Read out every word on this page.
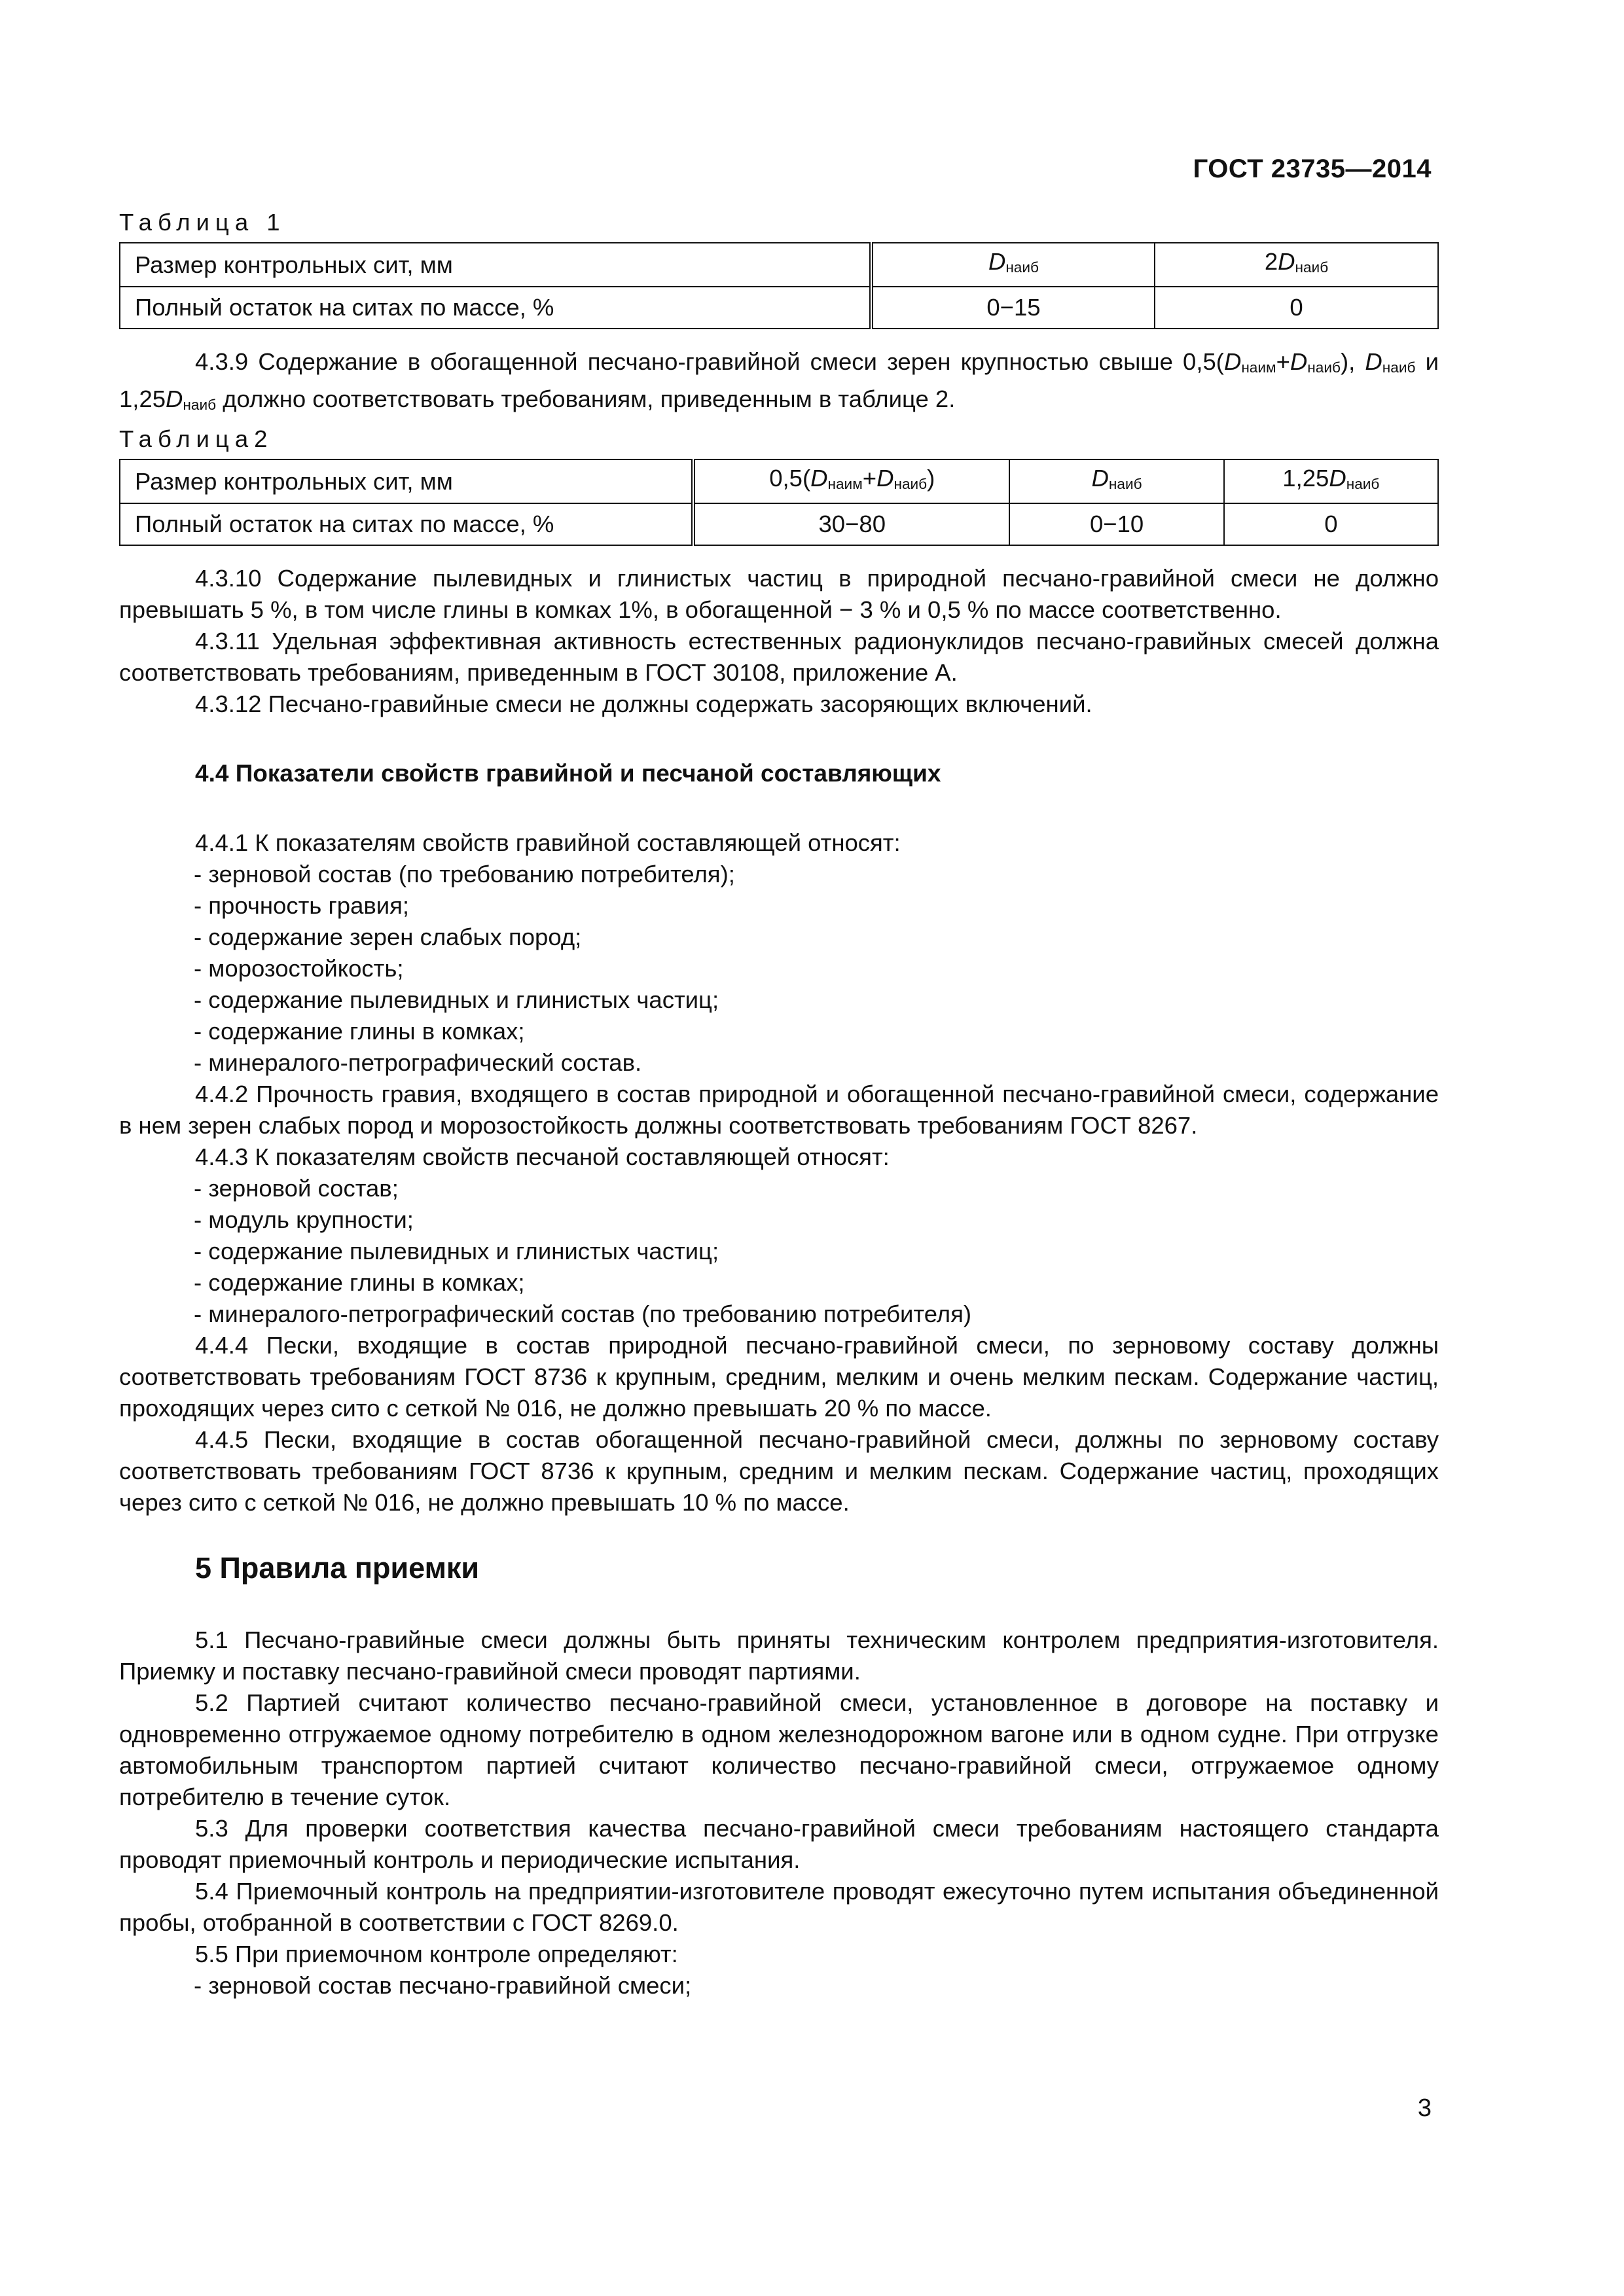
ГОСТ 23735—2014

Таблица 1

Размер контрольных сит, мм	Dнаиб	2Dнаиб
Полный остаток на ситах по массе, %	0−15	0

4.3.9 Содержание в обогащенной песчано-гравийной смеси зерен крупностью свыше 0,5(Dнаим+Dнаиб), Dнаиб и 1,25Dнаиб должно соответствовать требованиям, приведенным в таблице 2.

Таблица2

Размер контрольных сит, мм	0,5(Dнаим+Dнаиб)	Dнаиб	1,25Dнаиб
Полный остаток на ситах по массе, %	30−80	0−10	0

4.3.10 Содержание пылевидных и глинистых частиц в природной песчано-гравийной смеси не должно превышать 5 %, в том числе глины в комках 1%, в обогащенной − 3 % и 0,5 % по массе соответственно.

4.3.11 Удельная эффективная активность естественных радионуклидов песчано-гравийных смесей должна соответствовать требованиям, приведенным в ГОСТ 30108, приложение А.

4.3.12 Песчано-гравийные смеси не должны содержать засоряющих включений.

4.4 Показатели свойств гравийной и песчаной составляющих

4.4.1 К показателям свойств гравийной составляющей относят:

- зерновой состав (по требованию потребителя);

- прочность гравия;

- содержание зерен слабых пород;

- морозостойкость;

- содержание пылевидных и глинистых частиц;

- содержание глины в комках;

- минералого-петрографический состав.

4.4.2 Прочность гравия, входящего в состав природной и обогащенной песчано-гравийной смеси, содержание в нем зерен слабых пород и морозостойкость должны соответствовать требованиям ГОСТ 8267.

4.4.3 К показателям свойств песчаной составляющей относят:

- зерновой состав;

- модуль крупности;

- содержание пылевидных и глинистых частиц;

- содержание глины в комках;

- минералого-петрографический состав (по требованию потребителя)

4.4.4 Пески, входящие в состав природной песчано-гравийной смеси, по зерновому составу должны соответствовать требованиям ГОСТ 8736 к крупным, средним, мелким и очень мелким пескам. Содержание частиц, проходящих через сито с сеткой № 016, не должно превышать 20 % по массе.

4.4.5 Пески, входящие в состав обогащенной песчано-гравийной смеси, должны по зерновому составу соответствовать требованиям ГОСТ 8736 к крупным, средним и мелким пескам. Содержание частиц, проходящих через сито с сеткой № 016, не должно превышать 10 % по массе.

5 Правила приемки

5.1 Песчано-гравийные смеси должны быть приняты техническим контролем предприятия-изготовителя. Приемку и поставку песчано-гравийной смеси проводят партиями.

5.2 Партией считают количество песчано-гравийной смеси, установленное в договоре на поставку и одновременно отгружаемое одному потребителю в одном железнодорожном вагоне или в одном судне. При отгрузке автомобильным транспортом партией считают количество песчано-гравийной смеси, отгружаемое одному потребителю в течение суток.

5.3 Для проверки соответствия качества песчано-гравийной смеси требованиям настоящего стандарта проводят приемочный контроль и периодические испытания.

5.4 Приемочный контроль на предприятии-изготовителе проводят ежесуточно путем испытания объединенной пробы, отобранной в соответствии с ГОСТ 8269.0.

5.5 При приемочном контроле определяют:

- зерновой состав песчано-гравийной смеси;

3
